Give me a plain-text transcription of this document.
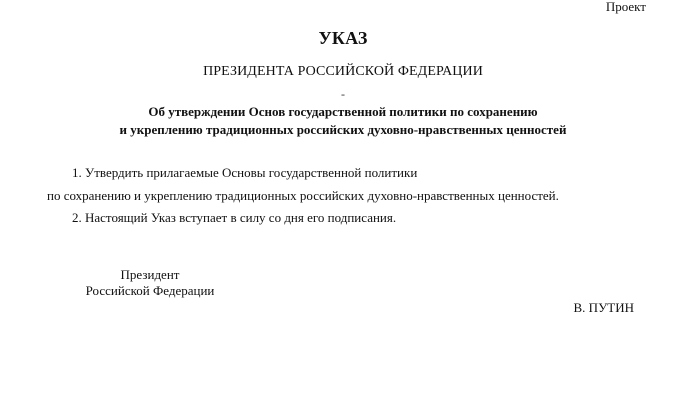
Проект
УКАЗ
ПРЕЗИДЕНТА РОССИЙСКОЙ ФЕДЕРАЦИИ
-
Об утверждении Основ государственной политики по сохранению
и укреплению традиционных российских духовно-нравственных ценностей
1. Утвердить прилагаемые Основы государственной политики
по сохранению и укреплению традиционных российских духовно-нравственных ценностей.
2. Настоящий Указ вступает в силу со дня его подписания.
Президент
Российской Федерации
В. ПУТИН
